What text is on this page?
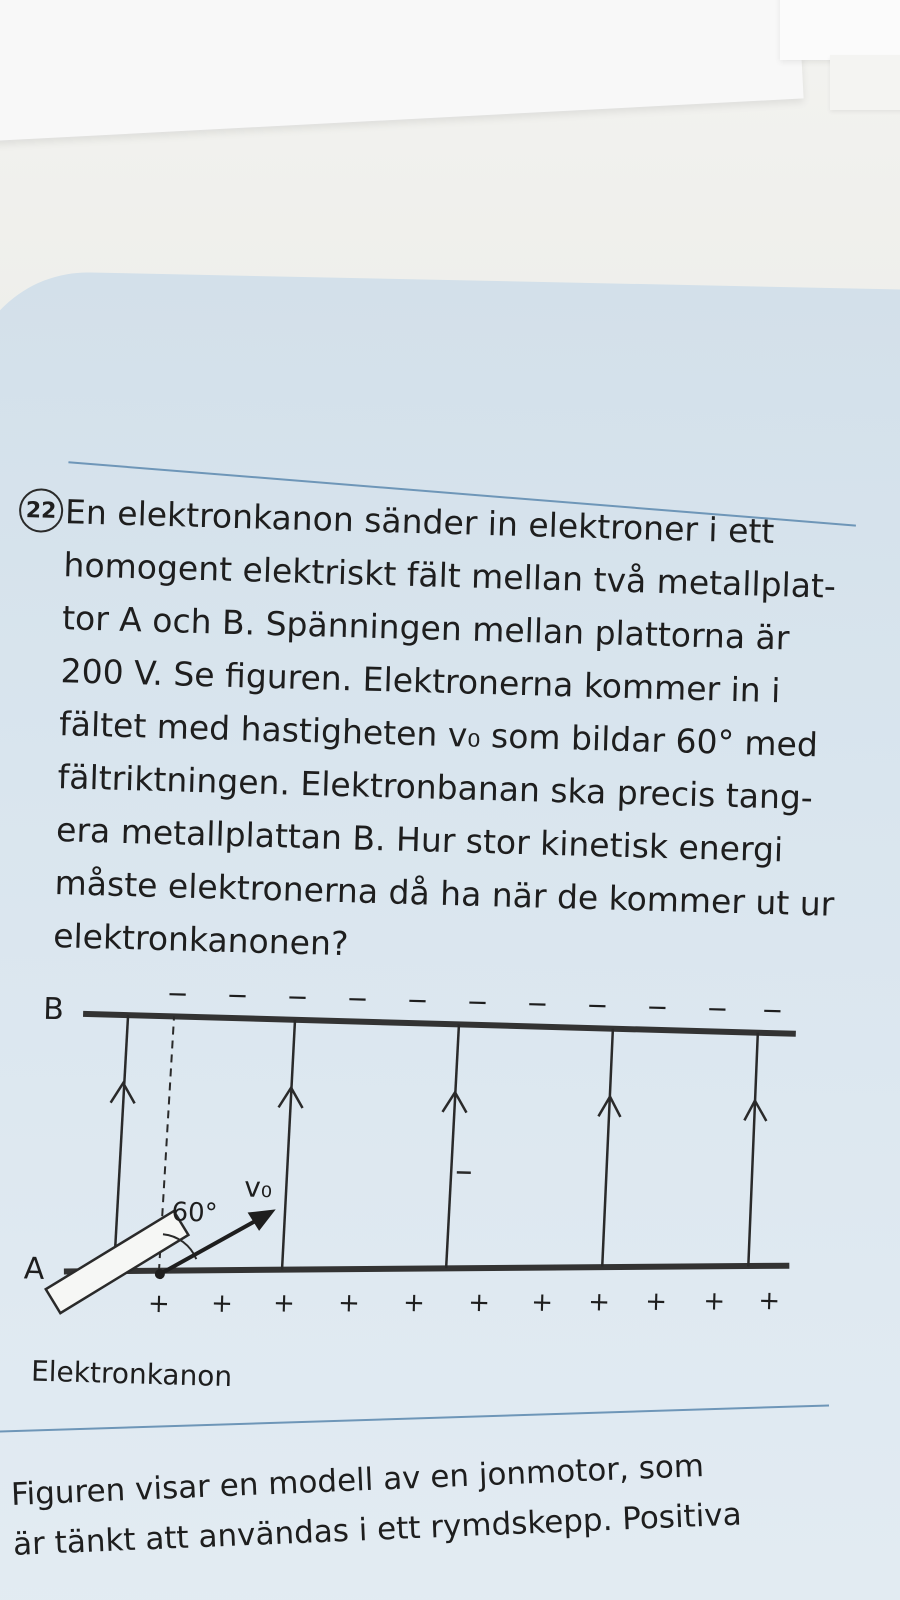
22 En elektronkanon sänder in elektroner i ett
homogent elektriskt fält mellan två metallplat-
tor A och B. Spänningen mellan plattorna är
200 V. Se figuren. Elektronerna kommer in i
fältet med hastigheten v₀ som bildar 60° med
fältriktningen. Elektronbanan ska precis tang-
era metallplattan B. Hur stor kinetisk energi
måste elektronerna då ha när de kommer ut ur
elektronkanonen?
B
A
− − − − − − − − − − −
+ + + + + + + + + + +
60°
v₀
Elektronkanon
Figuren visar en modell av en jonmotor, som
är tänkt att användas i ett rymdskepp. Positiva
